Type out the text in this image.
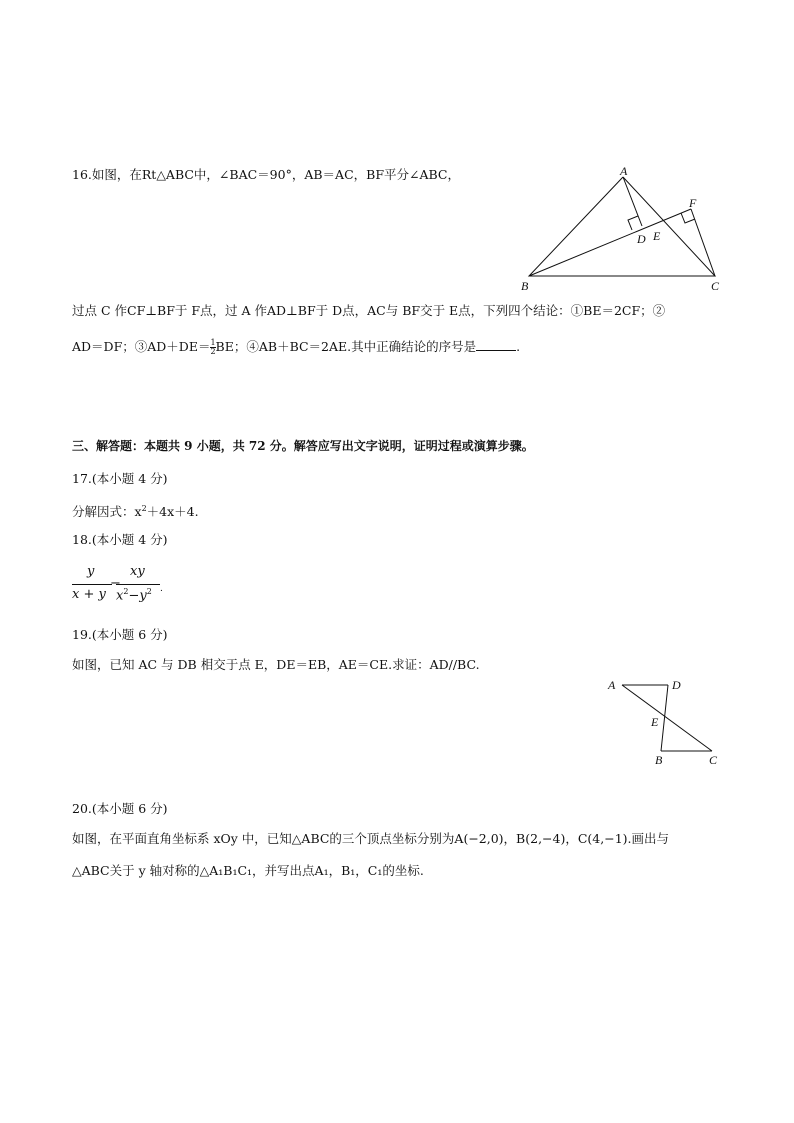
16.如图，在Rt△ABC中，∠BAC＝90°，AB＝AC，BF平分∠ABC，	A
B	C
D E
F
过点 C 作CF⊥BF于 F点，过 A 作AD⊥BF于 D点，AC与 BF交于 E点，下列四个结论：①BE＝2CF；②
AD＝DF；③AD＋DE＝ $\frac{1}{2}$ BE；④AB＋BC＝2AE.其中正确结论的序号是	.
三、解答题：本题共 9 小题，共 72 分。解答应写出文字说明，证明过程或演算步骤。
17.(本小题 4 分)
分解因式：$x^2+4x+4$.
18.(本小题 4 分)
y
x + y
−
xy
$x^2-y^2$ .
19.(本小题 6 分)
如图，已知 AC 与 DB 相交于点 E，DE＝EB，AE＝CE.求证：AD//BC.
A	D
E
B	C
20.(本小题 6 分)
如图，在平面直角坐标系 xOy 中，已知△ABC的三个顶点坐标分别为A(−2,0)，B(2,−4)，C(4,−1).画出与
△ABC关于 y 轴对称的△A₁B₁C₁，并写出点A₁，B₁，C₁的坐标.
